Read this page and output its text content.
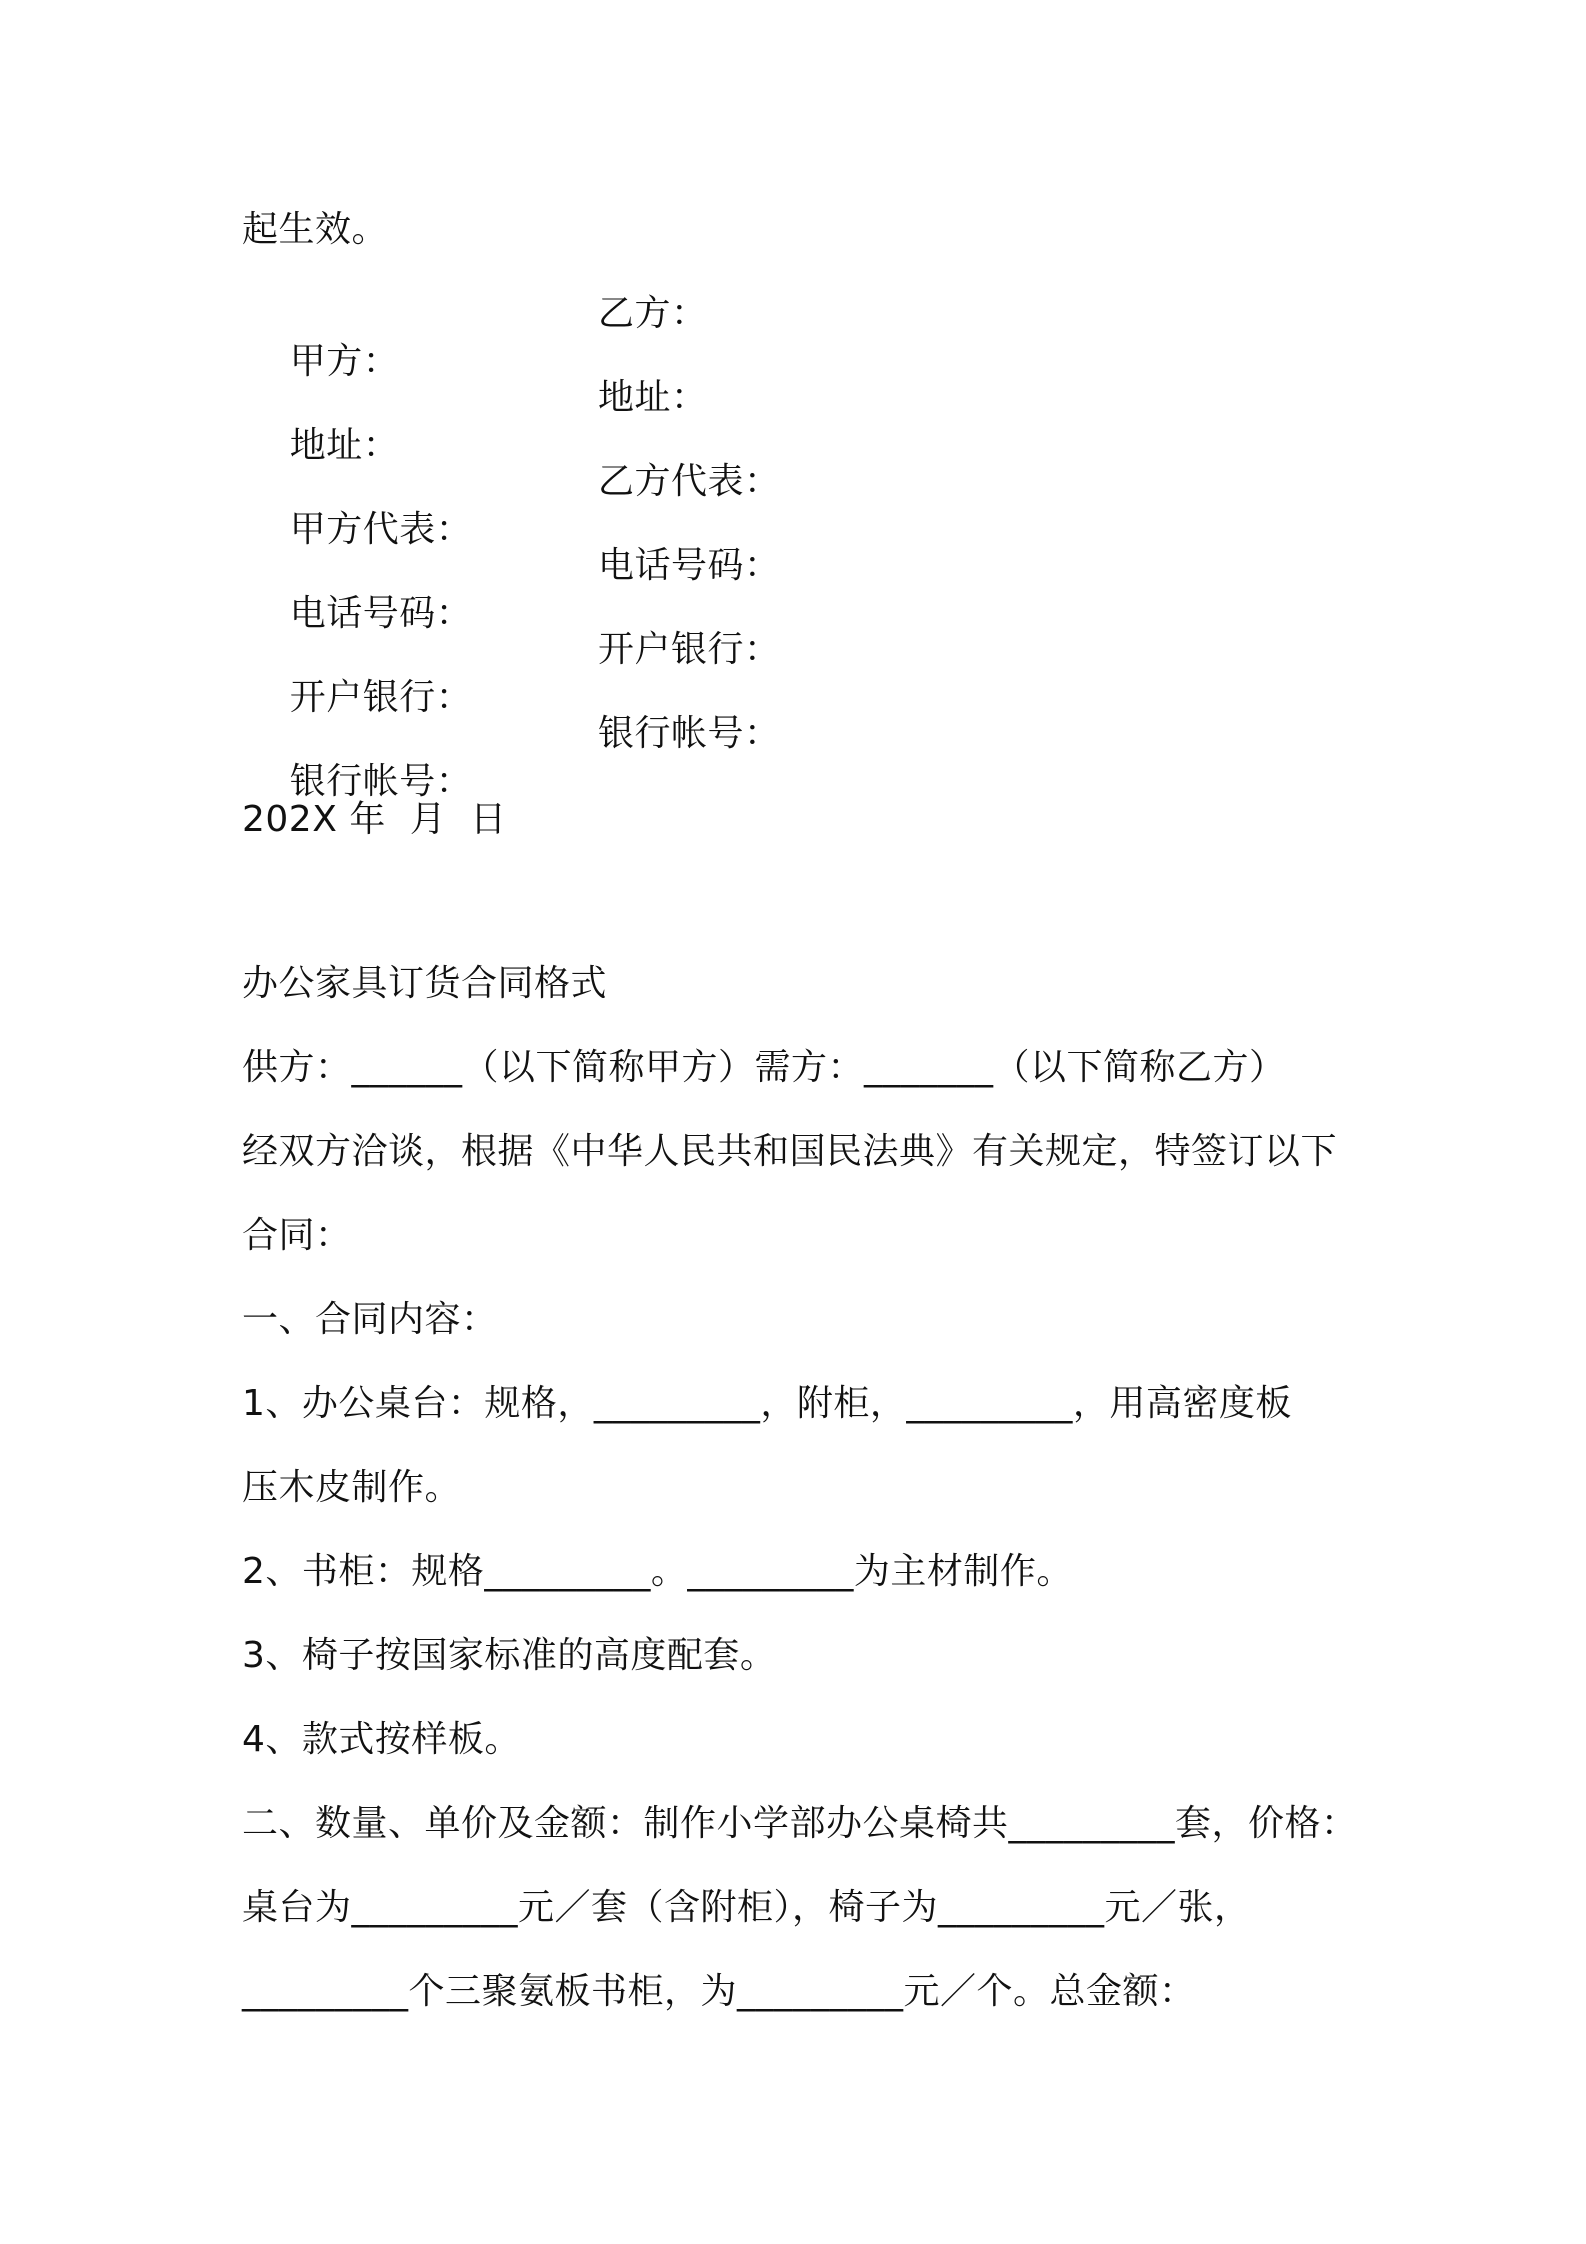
起生效。

甲方：

乙方：

地址：

地址：

甲方代表：

乙方代表：

电话号码：

电话号码：

开户银行：

开户银行：

银行帐号：

银行帐号：

202X 年  月  日
办公家具订货合同格式
供方：______（以下简称甲方）需方：_______（以下简称乙方）
经双方洽谈，根据《中华人民共和国民法典》有关规定，特签订以下
合同：
一、合同内容：
1、办公桌台：规格，_________，附柜，_________，用高密度板
压木皮制作。
2、书柜：规格_________。_________为主材制作。
3、椅子按国家标准的高度配套。
4、款式按样板。
二、数量、单价及金额：制作小学部办公桌椅共_________套，价格：
桌台为_________元／套（含附柜），椅子为_________元／张，
_________个三聚氨板书柜，为_________元／个。总金额：
